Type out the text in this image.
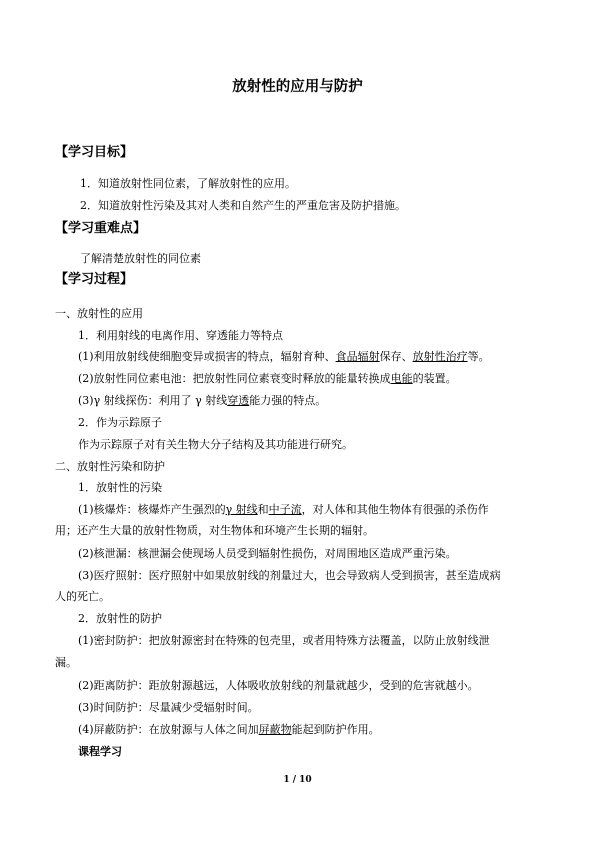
放射性的应用与防护
【学习目标】
1．知道放射性同位素，了解放射性的应用。
2．知道放射性污染及其对人类和自然产生的严重危害及防护措施。
【学习重难点】
了解清楚放射性的同位素
【学习过程】
一、放射性的应用
1．利用射线的电离作用、穿透能力等特点
(1)利用放射线使细胞变异或损害的特点，辐射育种、食品辐射保存、放射性治疗等。
(2)放射性同位素电池：把放射性同位素衰变时释放的能量转换成电能的装置。
(3)γ 射线探伤：利用了 γ 射线穿透能力强的特点。
2．作为示踪原子
作为示踪原子对有关生物大分子结构及其功能进行研究。
二、放射性污染和防护
1．放射性的污染
(1)核爆炸：核爆炸产生强烈的γ 射线和中子流，对人体和其他生物体有很强的杀伤作
用；还产生大量的放射性物质，对生物体和环境产生长期的辐射。
(2)核泄漏：核泄漏会使现场人员受到辐射性损伤，对周围地区造成严重污染。
(3)医疗照射：医疗照射中如果放射线的剂量过大，也会导致病人受到损害，甚至造成病
人的死亡。
2．放射性的防护
(1)密封防护：把放射源密封在特殊的包壳里，或者用特殊方法覆盖，以防止放射线泄
漏。
(2)距离防护：距放射源越远，人体吸收放射线的剂量就越少，受到的危害就越小。
(3)时间防护：尽量减少受辐射时间。
(4)屏蔽防护：在放射源与人体之间加屏蔽物能起到防护作用。
课程学习
1 / 10
